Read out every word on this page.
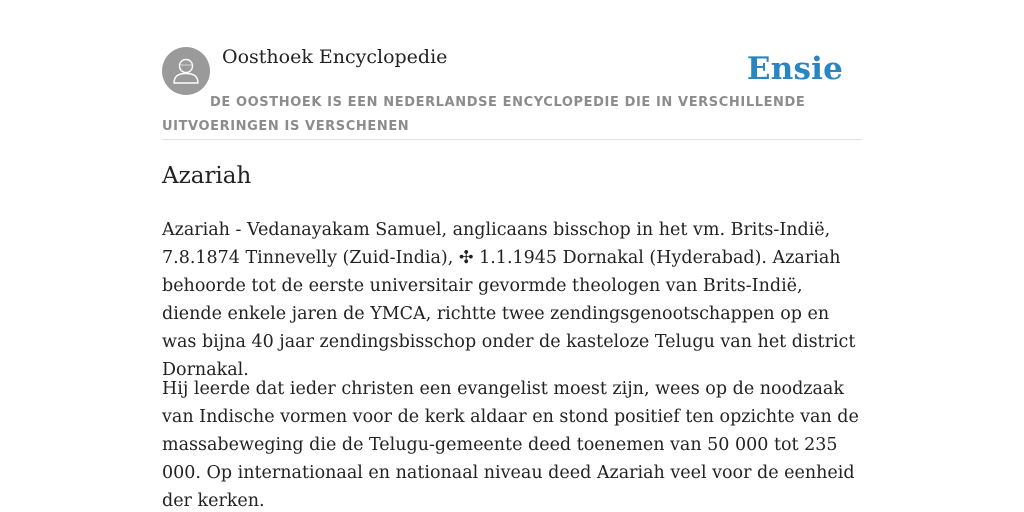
Oosthoek Encyclopedie	Ensie
DE OOSTHOEK IS EEN NEDERLANDSE ENCYCLOPEDIE DIE IN VERSCHILLENDE UITVOERINGEN IS VERSCHENEN
Azariah

Azariah - Vedanayakam Samuel, anglicaans bisschop in het vm. Brits-Indië, 7.8.1874 Tinnevelly (Zuid-India), ✣ 1.1.1945 Dornakal (Hyderabad). Azariah behoorde tot de eerste universitair gevormde theologen van Brits-Indië, diende enkele jaren de YMCA, richtte twee zendingsgenootschappen op en was bijna 40 jaar zendingsbisschop onder de kasteloze Telugu van het district Dornakal.

Hij leerde dat ieder christen een evangelist moest zijn, wees op de noodzaak van Indische vormen voor de kerk aldaar en stond positief ten opzichte van de massabeweging die de Telugu-gemeente deed toenemen van 50 000 tot 235 000. Op internationaal en nationaal niveau deed Azariah veel voor de eenheid der kerken.
